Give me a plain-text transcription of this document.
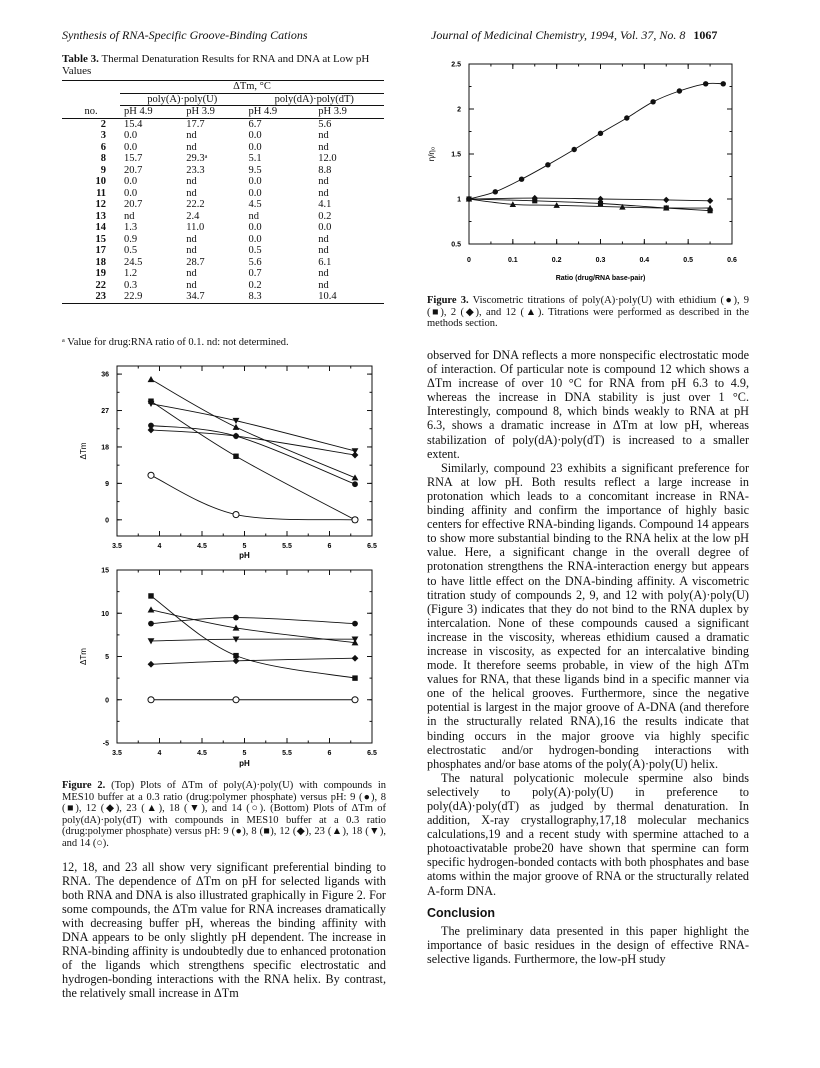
Synthesis of RNA-Specific Groove-Binding Cations	Journal of Medicinal Chemistry, 1994, Vol. 37, No. 8 1067
Table 3. Thermal Denaturation Results for RNA and DNA at Low pH Values
	ΔTm, °C			
	poly(A)·poly(U)		poly(dA)·poly(dT)	
no.	pH 4.9	pH 3.9	pH 4.9	pH 3.9
2	15.4	17.7	6.7	5.6
3	0.0	nd	0.0	nd
6	0.0	nd	0.0	nd
8	15.7	29.3ᵃ	5.1	12.0
9	20.7	23.3	9.5	8.8
10	0.0	nd	0.0	nd
11	0.0	nd	0.0	nd
12	20.7	22.2	4.5	4.1
13	nd	2.4	nd	0.2
14	1.3	11.0	0.0	0.0
15	0.9	nd	0.0	nd
17	0.5	nd	0.5	nd
18	24.5	28.7	5.6	6.1
19	1.2	nd	0.7	nd
22	0.3	nd	0.2	nd
23	22.9	34.7	8.3	10.4
ᵃ Value for drug:RNA ratio of 0.1. nd: not determined.
3.5	4	4.5	5	5.5	6	6.5
0
9
18
27
36
pH
ΔTm
3.5	4	4.5	5	5.5	6	6.5
-5
0
5
10
15
pH
ΔTm
Figure 2. (Top) Plots of ΔTm of poly(A)·poly(U) with compounds in MES10 buffer at a 0.3 ratio (drug:polymer phosphate) versus pH: 9 (●), 8 (■), 12 (◆), 23 (▲), 18 (▼), and 14 (○). (Bottom) Plots of ΔTm of poly(dA)·poly(dT) with compounds in MES10 buffer at a 0.3 ratio (drug:polymer phosphate) versus pH: 9 (●), 8 (■), 12 (◆), 23 (▲), 18 (▼), and 14 (○).

12, 18, and 23 all show very significant preferential binding to RNA. The dependence of ΔTm on pH for selected ligands with both RNA and DNA is also illustrated graphically in Figure 2. For some compounds, the ΔTm value for RNA increases dramatically with decreasing buffer pH, whereas the binding affinity with DNA appears to be only slightly pH dependent. The increase in RNA-binding affinity is undoubtedly due to enhanced protonation of the ligands which strengthens specific electrostatic and hydrogen-bonding interactions with the RNA helix. By contrast, the relatively small increase in ΔTm

0	0.1	0.2	0.3	0.4	0.5	0.6
0.5
1
1.5
2
2.5
Ratio (drug/RNA base-pair)
η/η₀
Figure 3. Viscometric titrations of poly(A)·poly(U) with ethidium (●), 9 (■), 2 (◆), and 12 (▲). Titrations were performed as described in the methods section.

observed for DNA reflects a more nonspecific electrostatic mode of interaction. Of particular note is compound 12 which shows a ΔTm increase of over 10 °C for RNA from pH 6.3 to 4.9, whereas the increase in DNA stability is just over 1 °C. Interestingly, compound 8, which binds weakly to RNA at pH 6.3, shows a dramatic increase in ΔTm at low pH, whereas stabilization of poly(dA)·poly(dT) is increased to a smaller extent.

Similarly, compound 23 exhibits a significant preference for RNA at low pH. Both results reflect a large increase in protonation which leads to a concomitant increase in RNA-binding affinity and confirm the importance of highly basic centers for effective RNA-binding ligands. Compound 14 appears to show more substantial binding to the RNA helix at the low pH value. Here, a significant change in the overall degree of protonation strengthens the RNA-interaction energy but appears to have little effect on the DNA-binding affinity. A viscometric titration study of compounds 2, 9, and 12 with poly(A)·poly(U) (Figure 3) indicates that they do not bind to the RNA duplex by intercalation. None of these compounds caused a significant increase in the viscosity, whereas ethidium caused a dramatic increase in viscosity, as expected for an intercalative binding mode. It therefore seems probable, in view of the high ΔTm values for RNA, that these ligands bind in a specific manner via one of the helical grooves. Furthermore, since the negative potential is largest in the major groove of A-DNA (and therefore in the structurally related RNA),16 the results indicate that binding occurs in the major groove via highly specific electrostatic and/or hydrogen-bonding interactions with phosphates and/or base atoms of the poly(A)·poly(U) helix.

The natural polycationic molecule spermine also binds selectively to poly(A)·poly(U) in preference to poly(dA)·poly(dT) as judged by thermal denaturation. In addition, X-ray crystallography,17,18 molecular mechanics calculations,19 and a recent study with spermine attached to a photoactivatable probe20 have shown that spermine can form specific hydrogen-bonded contacts with both phosphates and base atoms within the major groove of RNA or the structurally related A-form DNA.

Conclusion

The preliminary data presented in this paper highlight the importance of basic residues in the design of effective RNA-selective ligands. Furthermore, the low-pH study
